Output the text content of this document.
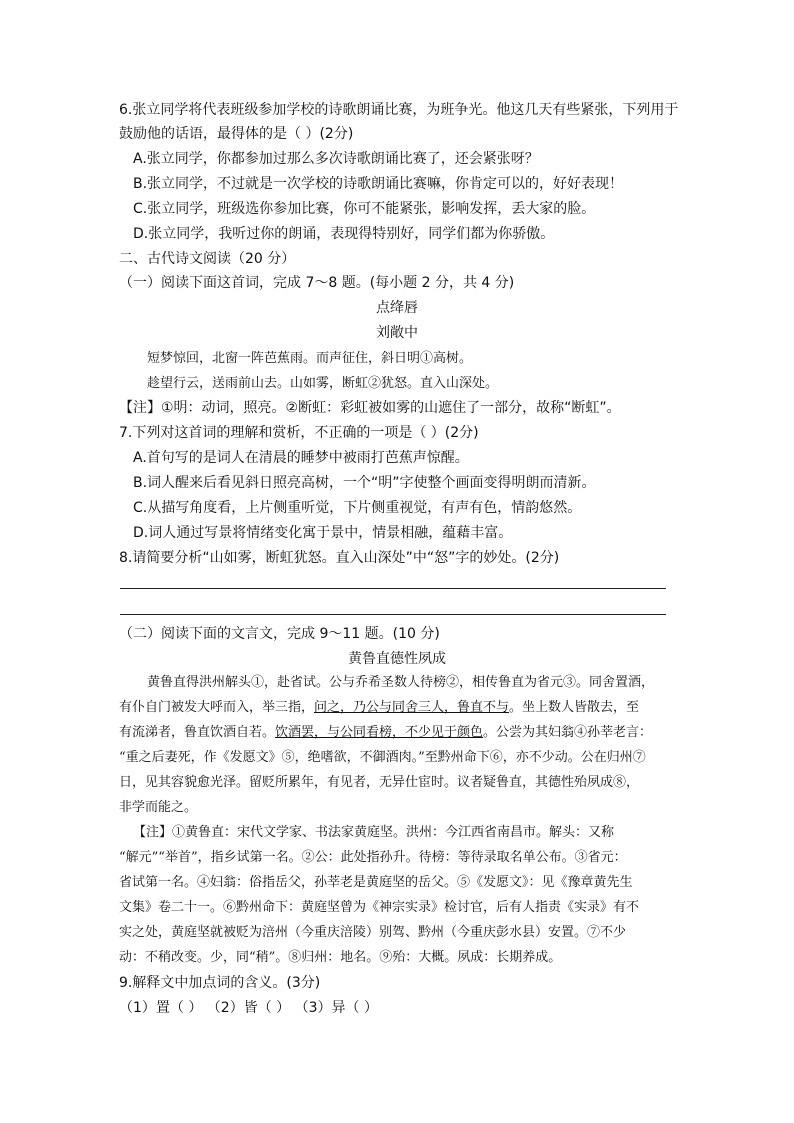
6.张立同学将代表班级参加学校的诗歌朗诵比赛，为班争光。他这几天有些紧张，下列用于
鼓励他的话语，最得体的是（ ）(2分)
A.张立同学，你都参加过那么多次诗歌朗诵比赛了，还会紧张呀？
B.张立同学，不过就是一次学校的诗歌朗诵比赛嘛，你肯定可以的，好好表现！
C.张立同学，班级选你参加比赛，你可不能紧张，影响发挥，丢大家的脸。
D.张立同学，我听过你的朗诵，表现得特别好，同学们都为你骄傲。
二、古代诗文阅读（20 分）
（一）阅读下面这首词，完成 7～8 题。(每小题 2 分，共 4 分)
点绛唇
刘敞中
短梦惊回，北窗一阵芭蕉雨。而声征住，斜日明①高树。
趁望行云，送雨前山去。山如雾，断虹②犹怒。直入山深处。
【注】①明：动词，照亮。②断虹：彩虹被如雾的山遮住了一部分，故称“断虹”。
7.下列对这首词的理解和赏析，不正确的一项是（ ）(2分)
A.首句写的是词人在清晨的睡梦中被雨打芭蕉声惊醒。
B.词人醒来后看见斜日照亮高树，一个“明”字使整个画面变得明朗而清新。
C.从描写角度看，上片侧重听觉，下片侧重视觉，有声有色，情韵悠然。
D.词人通过写景将情绪变化寓于景中，情景相融，蕴藉丰富。
8.请简要分析“山如雾，断虹犹怒。直入山深处”中“怒”字的妙处。(2分)
（二）阅读下面的文言文，完成 9～11 题。(10 分)
黄鲁直德性夙成
黄鲁直得洪州解头①，赴省试。公与乔希圣数人待榜②，相传鲁直为省元③。同舍置酒，
有仆自门被发大呼而入，举三指，问之，乃公与同舍三人，鲁直不与。坐上数人皆散去，至
有流涕者，鲁直饮酒自若。饮酒罢，与公同看榜，不少见于颜色。公尝为其妇翁④孙莘老言：
“重之后妻死，作《发愿文》⑤，绝嗜欲，不御酒肉。”至黔州命下⑥，亦不少动。公在归州⑦
日，见其容貌愈光泽。留贬所累年，有见者，无异仕宦时。议者疑鲁直，其德性殆夙成⑧，
非学而能之。
【注】①黄鲁直：宋代文学家、书法家黄庭坚。洪州：今江西省南昌市。解头：又称
“解元”“举首”，指乡试第一名。②公：此处指孙升。待榜：等待录取名单公布。③省元：
省试第一名。④妇翁：俗指岳父，孙莘老是黄庭坚的岳父。⑤《发愿文》：见《豫章黄先生
文集》卷二十一。⑥黔州命下：黄庭坚曾为《神宗实录》检讨官，后有人指责《实录》有不
实之处，黄庭坚就被贬为涪州（今重庆涪陵）别驾、黔州（今重庆彭水县）安置。⑦不少
动：不稍改变。少，同“稍”。⑧归州：地名。⑨殆：大概。夙成：长期养成。
9.解释文中加点词的含义。(3分)
（1）置（ ） （2）皆（ ） （3）异（ ）
